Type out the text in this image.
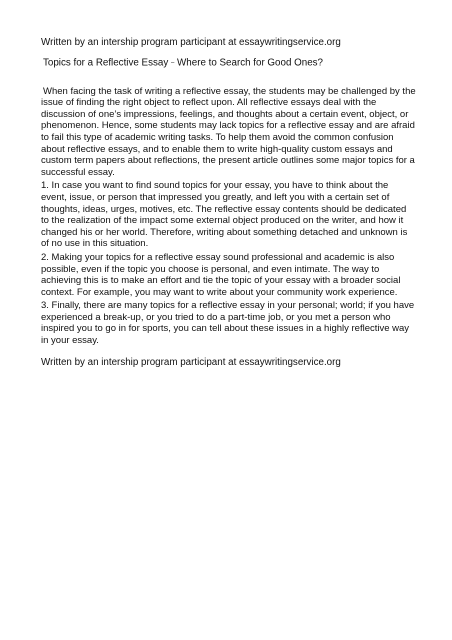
Written by an intership program participant at essaywritingservice.org
Topics for a Reflective Essay – Where to Search for Good Ones?

When facing the task of writing a reflective essay, the students may be challenged by the issue of finding the right object to reflect upon. All reflective essays deal with the discussion of one’s impressions, feelings, and thoughts about a certain event, object, or phenomenon. Hence, some students may lack topics for a reflective essay and are afraid to fail this type of academic writing tasks. To help them avoid the common confusion about reflective essays, and to enable them to write high-quality custom essays and custom term papers about reflections, the present article outlines some major topics for a successful essay.

1. In case you want to find sound topics for your essay, you have to think about the event, issue, or person that impressed you greatly, and left you with a certain set of thoughts, ideas, urges, motives, etc. The reflective essay contents should be dedicated to the realization of the impact some external object produced on the writer, and how it changed his or her world. Therefore, writing about something detached and unknown is of no use in this situation.

2. Making your topics for a reflective essay sound professional and academic is also possible, even if the topic you choose is personal, and even intimate. The way to achieving this is to make an effort and tie the topic of your essay with a broader social context. For example, you may want to write about your community work experience.

3. Finally, there are many topics for a reflective essay in your personal; world; if you have experienced a break-up, or you tried to do a part-time job, or you met a person who inspired you to go in for sports, you can tell about these issues in a highly reflective way in your essay.

Written by an intership program participant at essaywritingservice.org
